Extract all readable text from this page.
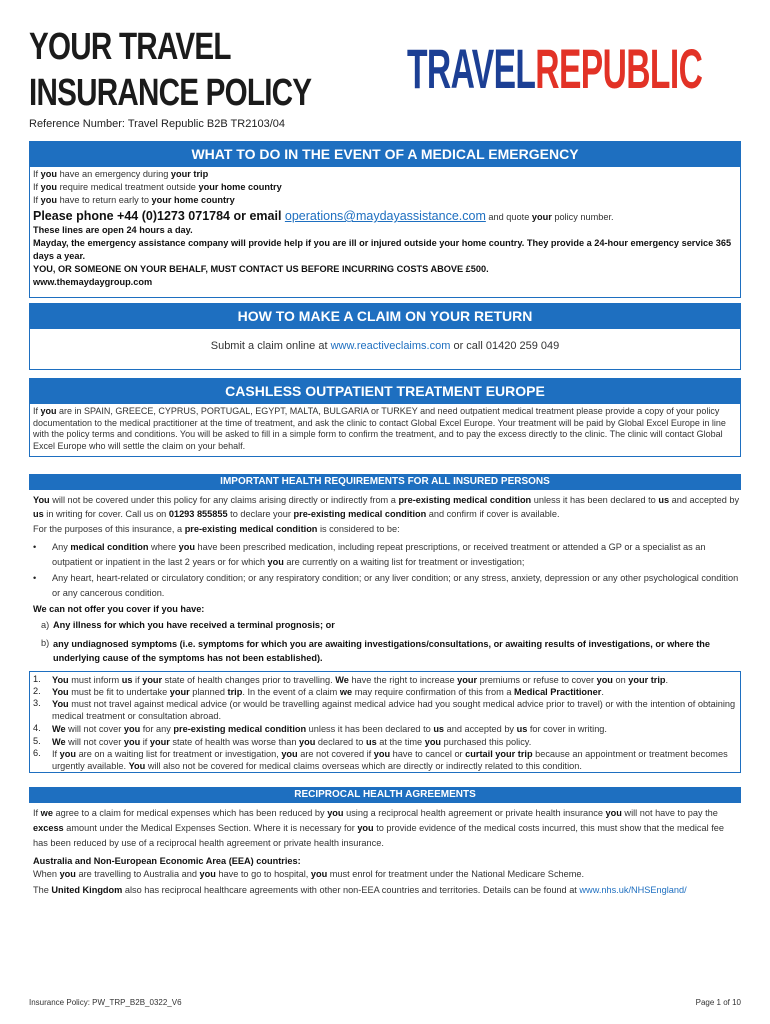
YOUR TRAVEL
INSURANCE POLICY
Reference Number: Travel Republic B2B TR2103/04
TRAVELREPUBLIC
WHAT TO DO IN THE EVENT OF A MEDICAL EMERGENCY
If you have an emergency during your trip
If you require medical treatment outside your home country
If you have to return early to your home country
Please phone +44 (0)1273 071784 or email operations@maydayassistance.com and quote your policy number.
These lines are open 24 hours a day.
Mayday, the emergency assistance company will provide help if you are ill or injured outside your home country. They provide a 24-hour emergency service 365 days a year.
YOU, OR SOMEONE ON YOUR BEHALF, MUST CONTACT US BEFORE INCURRING COSTS ABOVE £500.
www.themaydaygroup.com
HOW TO MAKE A CLAIM ON YOUR RETURN
Submit a claim online at www.reactiveclaims.com or call 01420 259 049
CASHLESS OUTPATIENT TREATMENT EUROPE
If you are in SPAIN, GREECE, CYPRUS, PORTUGAL, EGYPT, MALTA, BULGARIA or TURKEY and need outpatient medical treatment please provide a copy of your policy documentation to the medical practitioner at the time of treatment, and ask the clinic to contact Global Excel Europe. Your treatment will be paid by Global Excel Europe in line with the policy terms and conditions. You will be asked to fill in a simple form to confirm the treatment, and to pay the excess directly to the clinic. The clinic will contact Global Excel Europe who will settle the claim on your behalf.
IMPORTANT HEALTH REQUIREMENTS FOR ALL INSURED PERSONS
You will not be covered under this policy for any claims arising directly or indirectly from a pre-existing medical condition unless it has been declared to us and accepted by us in writing for cover. Call us on 01293 855855 to declare your pre-existing medical condition and confirm if cover is available.
For the purposes of this insurance, a pre-existing medical condition is considered to be:
• Any medical condition where you have been prescribed medication, including repeat prescriptions, or received treatment or attended a GP or a specialist as an outpatient or inpatient in the last 2 years or for which you are currently on a waiting list for treatment or investigation;
• Any heart, heart-related or circulatory condition; or any respiratory condition; or any liver condition; or any stress, anxiety, depression or any other psychological condition or any cancerous condition.
We can not offer you cover if you have:
a) Any illness for which you have received a terminal prognosis; or
b) any undiagnosed symptoms (i.e. symptoms for which you are awaiting investigations/consultations, or awaiting results of investigations, or where the underlying cause of the symptoms has not been established).
1.	You must inform us if your state of health changes prior to travelling. We have the right to increase your premiums or refuse to cover you on your trip.
2.	You must be fit to undertake your planned trip. In the event of a claim we may require confirmation of this from a Medical Practitioner.
3.	You must not travel against medical advice (or would be travelling against medical advice had you sought medical advice prior to travel) or with the intention of obtaining medical treatment or consultation abroad.
4.	We will not cover you for any pre-existing medical condition unless it has been declared to us and accepted by us for cover in writing.
5.	We will not cover you if your state of health was worse than you declared to us at the time you purchased this policy.
6.	If you are on a waiting list for treatment or investigation, you are not covered if you have to cancel or curtail your trip because an appointment or treatment becomes urgently available. You will also not be covered for medical claims overseas which are directly or indirectly related to this condition.
RECIPROCAL HEALTH AGREEMENTS
If we agree to a claim for medical expenses which has been reduced by you using a reciprocal health agreement or private health insurance you will not have to pay the excess amount under the Medical Expenses Section. Where it is necessary for you to provide evidence of the medical costs incurred, this must show that the medical fee has been reduced by use of a reciprocal health agreement or private health insurance.
Australia and Non-European Economic Area (EEA) countries:
When you are travelling to Australia and you have to go to hospital, you must enrol for treatment under the National Medicare Scheme.
The United Kingdom also has reciprocal healthcare agreements with other non-EEA countries and territories. Details can be found at www.nhs.uk/NHSEngland/
Insurance Policy: PW_TRP_B2B_0322_V6	Page 1 of 10
